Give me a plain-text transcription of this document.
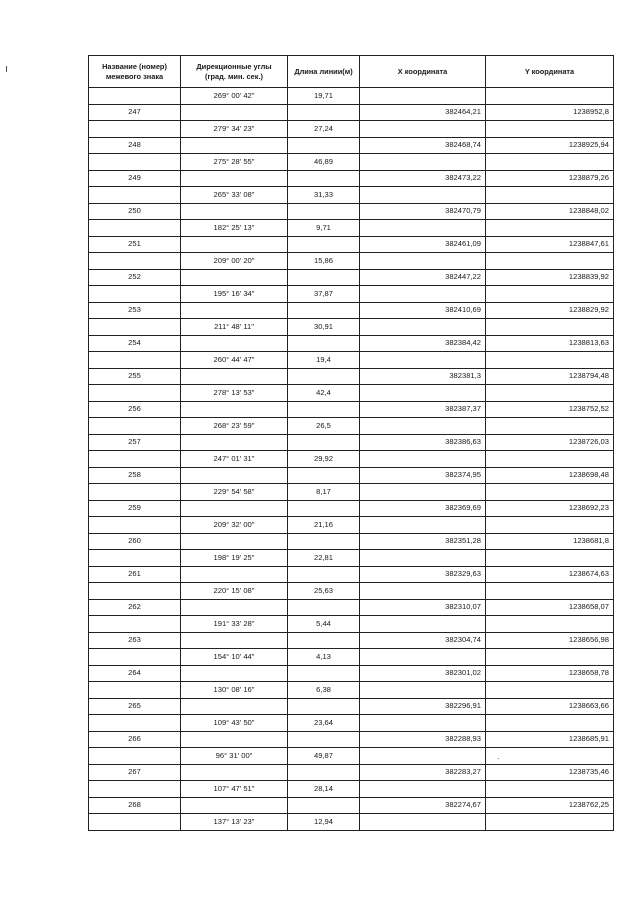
Название (номер) межевого знака	Дирекционные углы (град. мин. сек.)	Длина линии(м)	X координата	Y координата
	269° 00' 42"	19,71		
247			382464,21	1238952,8
	279° 34' 23"	27,24		
248			382468,74	1238925,94
	275° 28' 55"	46,89		
249			382473,22	1238879,26
	265° 33' 08"	31,33		
250			382470,79	1238848,02
	182° 25' 13"	9,71		
251			382461,09	1238847,61
	209° 00' 20"	15,86		
252			382447,22	1238839,92
	195° 16' 34"	37,87		
253			382410,69	1238829,92
	211° 48' 11"	30,91		
254			382384,42	1238813,63
	260° 44' 47"	19,4		
255			382381,3	1238794,48
	278° 13' 53"	42,4		
256			382387,37	1238752,52
	268° 23' 59"	26,5		
257			382386,63	1238726,03
	247° 01' 31"	29,92		
258			382374,95	1238698,48
	229° 54' 58"	8,17		
259			382369,69	1238692,23
	209° 32' 00"	21,16		
260			382351,28	1238681,8
	198° 19' 25"	22,81		
261			382329,63	1238674,63
	220° 15' 08"	25,63		
262			382310,07	1238658,07
	191° 33' 28"	5,44		
263			382304,74	1238656,98
	154° 10' 44"	4,13		
264			382301,02	1238658,78
	130° 08' 16"	6,38		
265			382296,91	1238663,66
	109° 43' 50"	23,64		
266			382288,93	1238685,91
	96° 31' 00"	49,87		
267			382283,27	1238735,46
	107° 47' 51"	28,14		
268			382274,67	1238762,25
	137° 13' 23"	12,94		
